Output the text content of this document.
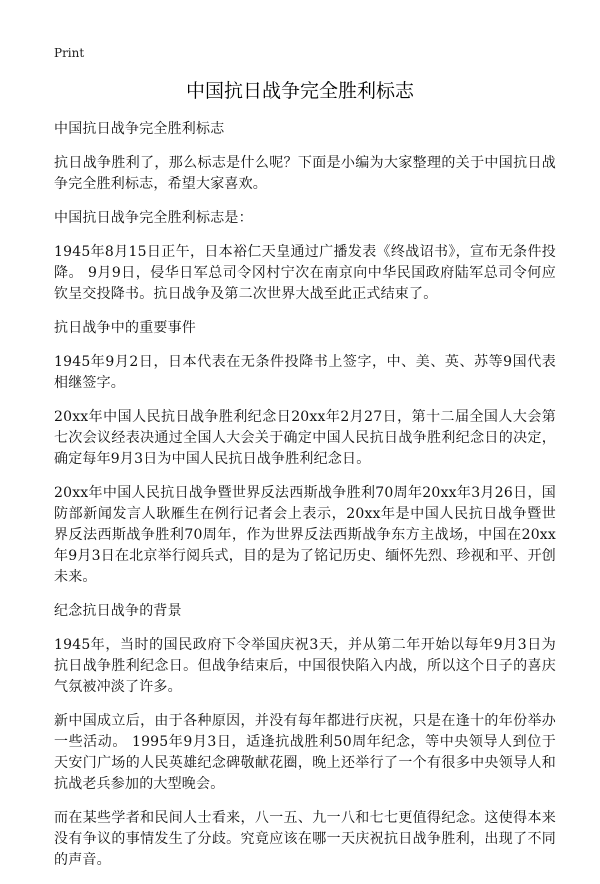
Print
中国抗日战争完全胜利标志

中国抗日战争完全胜利标志

抗日战争胜利了，那么标志是什么呢？下面是小编为大家整理的关于中国抗日战争完全胜利标志，希望大家喜欢。

中国抗日战争完全胜利标志是：

1945年8月15日正午，日本裕仁天皇通过广播发表《终战诏书》，宣布无条件投降。 9月9日，侵华日军总司令冈村宁次在南京向中华民国政府陆军总司令何应钦呈交投降书。抗日战争及第二次世界大战至此正式结束了。

抗日战争中的重要事件

1945年9月2日，日本代表在无条件投降书上签字，中、美、英、苏等9国代表相继签字。

20xx年中国人民抗日战争胜利纪念日20xx年2月27日，第十二届全国人大会第七次会议经表决通过全国人大会关于确定中国人民抗日战争胜利纪念日的决定，确定每年9月3日为中国人民抗日战争胜利纪念日。

20xx年中国人民抗日战争暨世界反法西斯战争胜利70周年20xx年3月26日，国防部新闻发言人耿雁生在例行记者会上表示，20xx年是中国人民抗日战争暨世界反法西斯战争胜利70周年，作为世界反法西斯战争东方主战场，中国在20xx年9月3日在北京举行阅兵式，目的是为了铭记历史、缅怀先烈、珍视和平、开创未来。

纪念抗日战争的背景

1945年，当时的国民政府下令举国庆祝3天，并从第二年开始以每年9月3日为抗日战争胜利纪念日。但战争结束后，中国很快陷入内战，所以这个日子的喜庆气氛被冲淡了许多。

新中国成立后，由于各种原因，并没有每年都进行庆祝，只是在逢十的年份举办一些活动。 1995年9月3日，适逢抗战胜利50周年纪念，等中央领导人到位于天安门广场的人民英雄纪念碑敬献花圈，晚上还举行了一个有很多中央领导人和抗战老兵参加的大型晚会。

而在某些学者和民间人士看来，八一五、九一八和七七更值得纪念。这使得本来没有争议的事情发生了分歧。究竟应该在哪一天庆祝抗日战争胜利，出现了不同的声音。
